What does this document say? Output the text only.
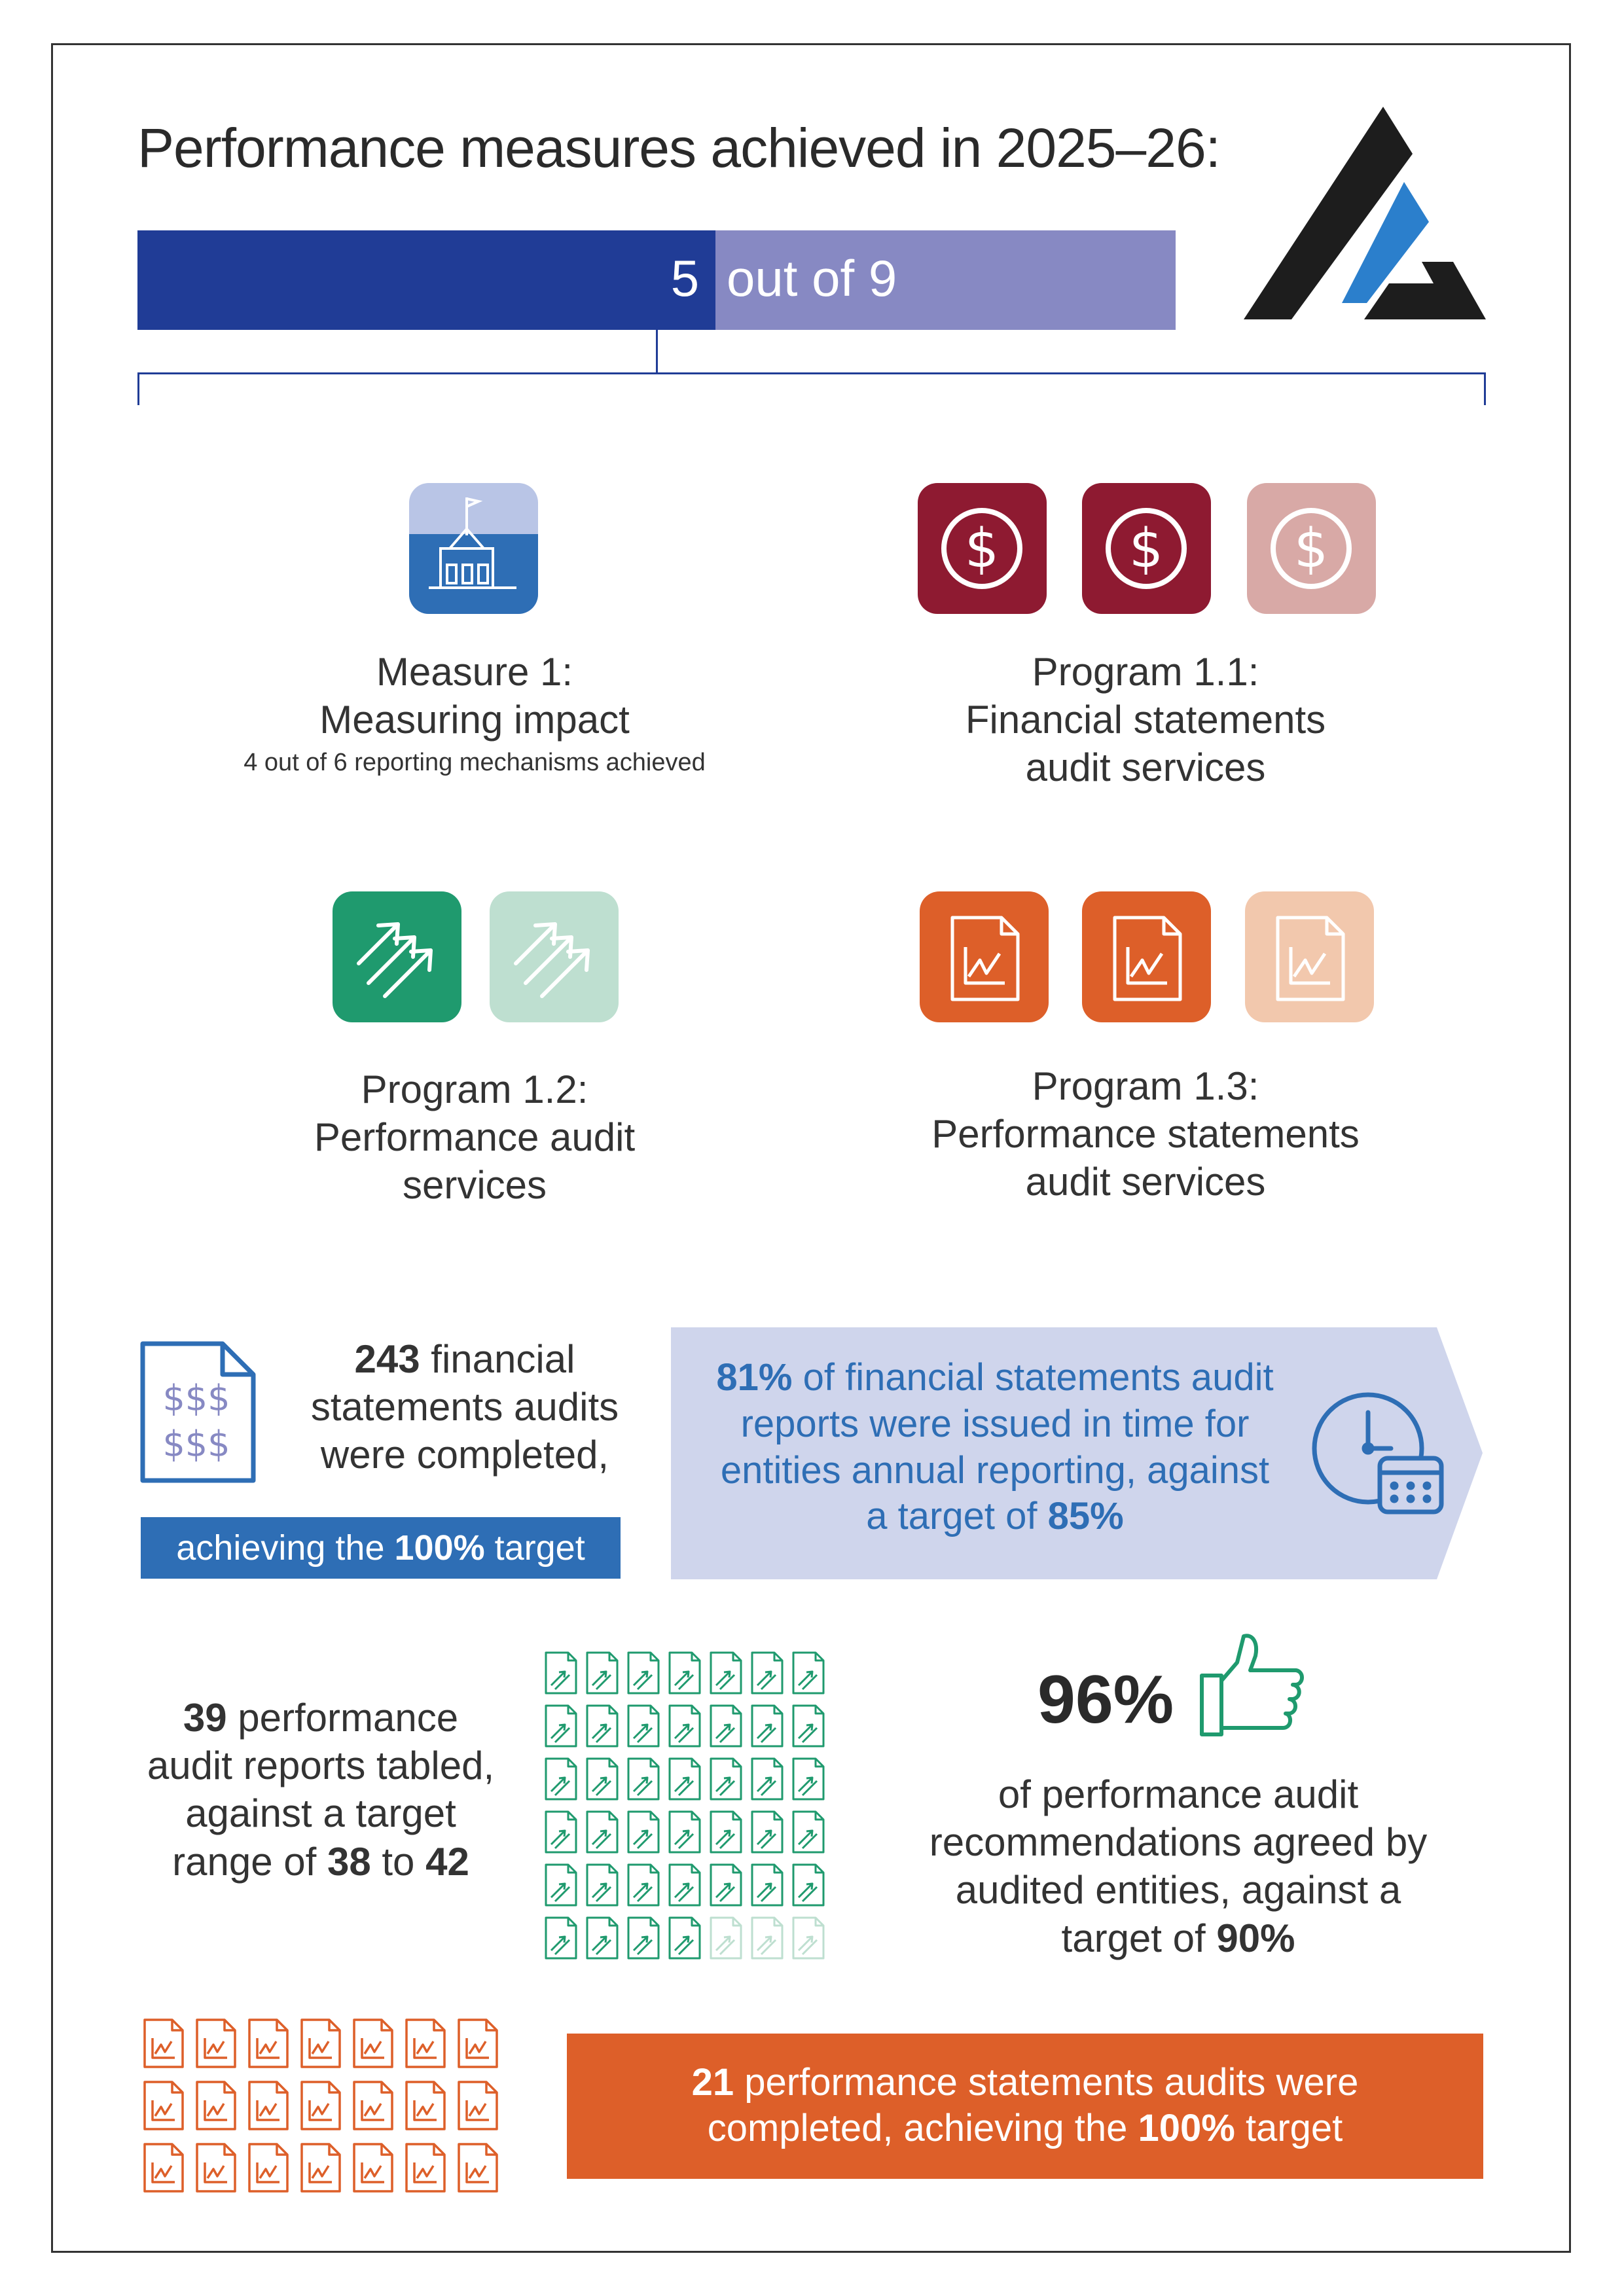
Performance measures achieved in 2025–26:
5 out of 9
Measure 1:
Measuring impact
4 out of 6 reporting mechanisms achieved
$ $ $
Program 1.1:
Financial statements
audit services
Program 1.2:
Performance audit
services
Program 1.3:
Performance statements
audit services
$$$
$$$
243 financial
statements audits
were completed,
achieving the 100% target
81% of financial statements audit
reports were issued in time for
entities annual reporting, against
a target of 85%
39 performance
audit reports tabled,
against a target
range of 38 to 42
96%
of performance audit
recommendations agreed by
audited entities, against a
target of 90%
21 performance statements audits were
completed, achieving the 100% target
